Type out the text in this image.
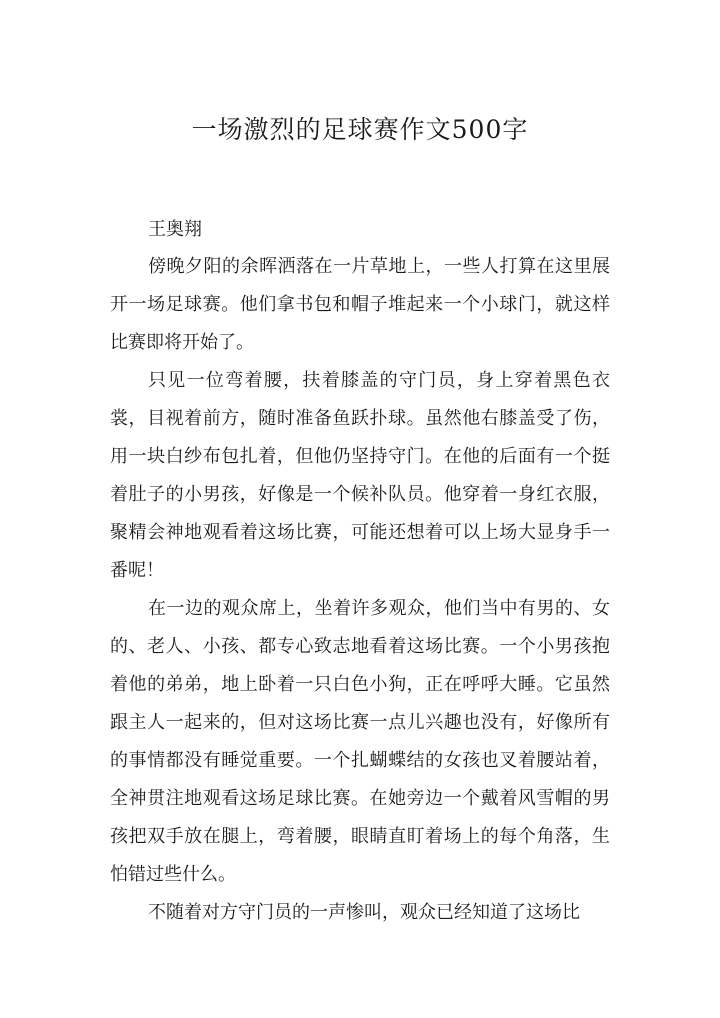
一场激烈的足球赛作文500字

王奥翔

傍晚夕阳的余晖洒落在一片草地上，一些人打算在这里展开一场足球赛。他们拿书包和帽子堆起来一个小球门，就这样比赛即将开始了。

只见一位弯着腰，扶着膝盖的守门员，身上穿着黑色衣裳，目视着前方，随时准备鱼跃扑球。虽然他右膝盖受了伤，用一块白纱布包扎着，但他仍坚持守门。在他的后面有一个挺着肚子的小男孩，好像是一个候补队员。他穿着一身红衣服，聚精会神地观看着这场比赛，可能还想着可以上场大显身手一番呢！

在一边的观众席上，坐着许多观众，他们当中有男的、女的、老人、小孩、都专心致志地看着这场比赛。一个小男孩抱着他的弟弟，地上卧着一只白色小狗，正在呼呼大睡。它虽然跟主人一起来的，但对这场比赛一点儿兴趣也没有，好像所有的事情都没有睡觉重要。一个扎蝴蝶结的女孩也叉着腰站着，全神贯注地观看这场足球比赛。在她旁边一个戴着风雪帽的男孩把双手放在腿上，弯着腰，眼睛直盯着场上的每个角落，生怕错过些什么。

不随着对方守门员的一声惨叫，观众已经知道了这场比
